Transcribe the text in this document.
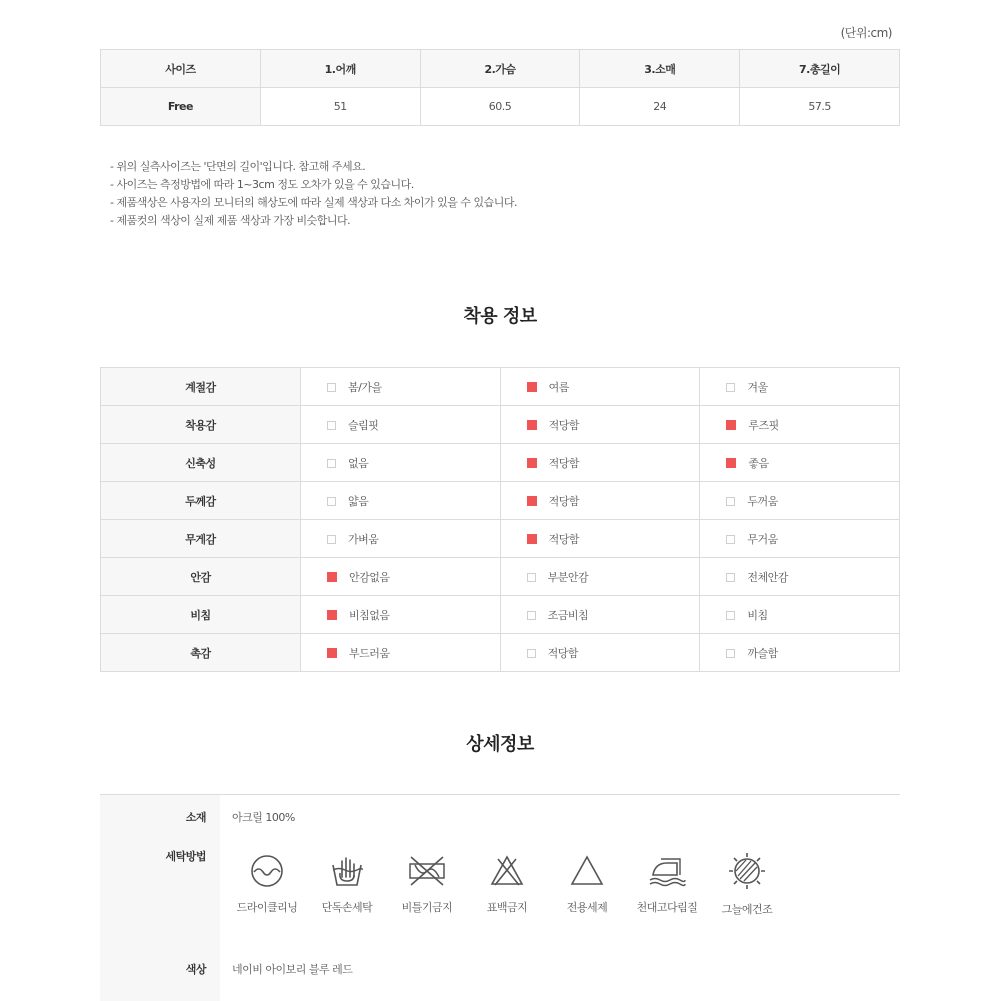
(단위:cm)
사이즈	1.어깨	2.가슴	3.소매	7.총길이
Free	51	60.5	24	57.5
- 위의 실측사이즈는 '단면의 길이'입니다. 참고해 주세요.
- 사이즈는 측정방법에 따라 1~3cm 정도 오차가 있을 수 있습니다.
- 제품색상은 사용자의 모니터의 해상도에 따라 실제 색상과 다소 차이가 있을 수 있습니다.
- 제품컷의 색상이 실제 제품 색상과 가장 비슷합니다.
착용 정보
계절감	봄/가을	여름	겨울
착용감	슬림핏	적당함	루즈핏
신축성	없음	적당함	좋음
두께감	얇음	적당함	두꺼움
무게감	가벼움	적당함	무거움
안감	안감없음	부분안감	전체안감
비침	비침없음	조금비침	비침
촉감	부드러움	적당함	까슬함
상세정보
소재 아크릴 100%
세탁방법
드라이클리닝	단독손세탁	비틀기금지	표백금지	전용세제	천대고다림질	그늘에건조
색상 네이비 아이보리 블루 레드
